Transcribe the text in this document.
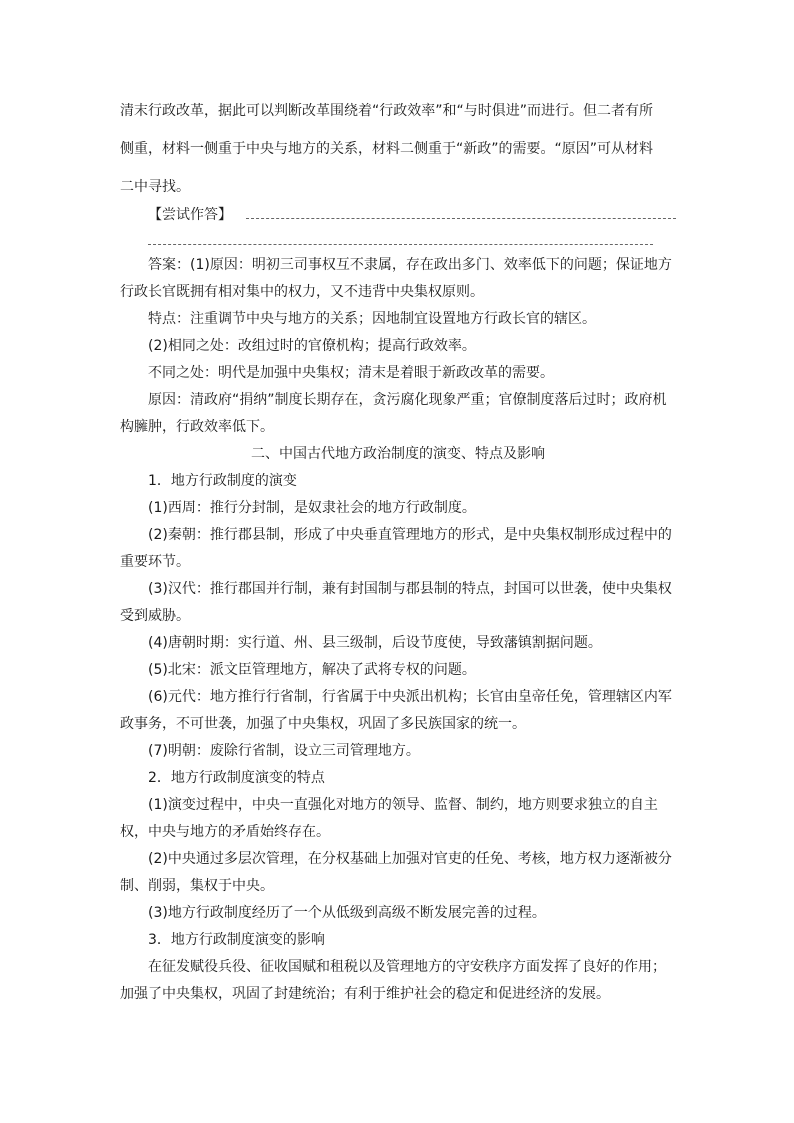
清末行政改革，据此可以判断改革围绕着“行政效率”和“与时俱进”而进行。但二者有所

侧重，材料一侧重于中央与地方的关系，材料二侧重于“新政”的需要。“原因”可从材料

二中寻找。

【尝试作答】

答案：(1)原因：明初三司事权互不隶属，存在政出多门、效率低下的问题；保证地方行政长官既拥有相对集中的权力，又不违背中央集权原则。

特点：注重调节中央与地方的关系；因地制宜设置地方行政长官的辖区。

(2)相同之处：改组过时的官僚机构；提高行政效率。

不同之处：明代是加强中央集权；清末是着眼于新政改革的需要。

原因：清政府“捐纳”制度长期存在，贪污腐化现象严重；官僚制度落后过时；政府机构臃肿，行政效率低下。

二、中国古代地方政治制度的演变、特点及影响

1．地方行政制度的演变

(1)西周：推行分封制，是奴隶社会的地方行政制度。

(2)秦朝：推行郡县制，形成了中央垂直管理地方的形式，是中央集权制形成过程中的重要环节。

(3)汉代：推行郡国并行制，兼有封国制与郡县制的特点，封国可以世袭，使中央集权受到威胁。

(4)唐朝时期：实行道、州、县三级制，后设节度使，导致藩镇割据问题。

(5)北宋：派文臣管理地方，解决了武将专权的问题。

(6)元代：地方推行行省制，行省属于中央派出机构；长官由皇帝任免，管理辖区内军政事务，不可世袭，加强了中央集权，巩固了多民族国家的统一。

(7)明朝：废除行省制，设立三司管理地方。

2．地方行政制度演变的特点

(1)演变过程中，中央一直强化对地方的领导、监督、制约，地方则要求独立的自主权，中央与地方的矛盾始终存在。

(2)中央通过多层次管理，在分权基础上加强对官吏的任免、考核，地方权力逐渐被分制、削弱，集权于中央。

(3)地方行政制度经历了一个从低级到高级不断发展完善的过程。

3．地方行政制度演变的影响

在征发赋役兵役、征收国赋和租税以及管理地方的守安秩序方面发挥了良好的作用；加强了中央集权，巩固了封建统治；有利于维护社会的稳定和促进经济的发展。
